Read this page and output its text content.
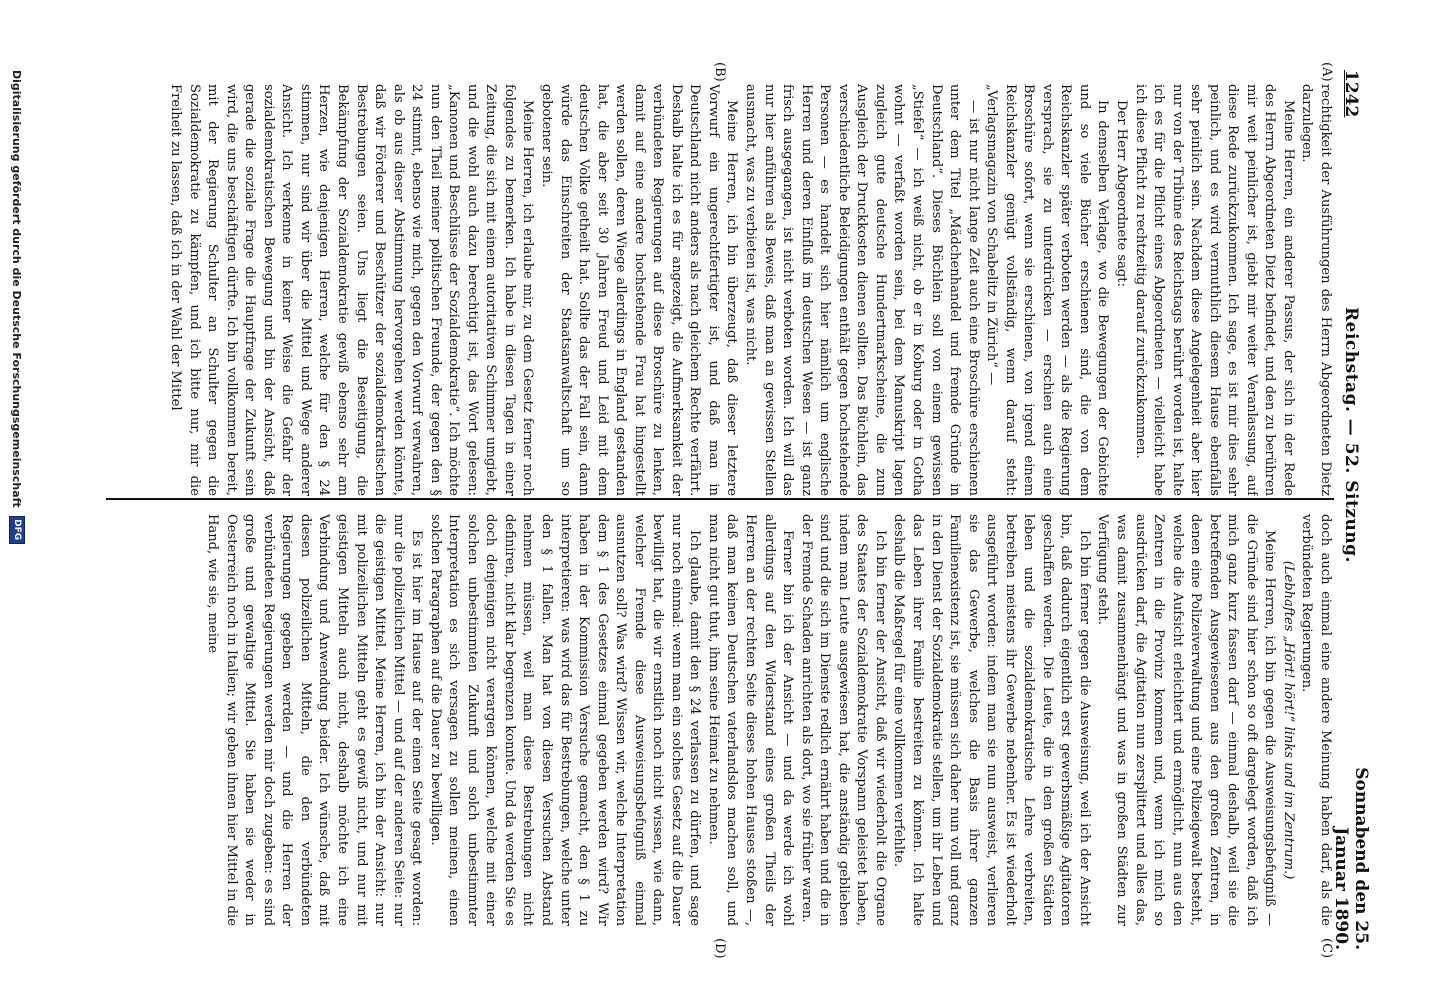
1242
Reichstag. — 52. Sitzung.
Sonnabend den 25. Januar 1890.
(A)
(B)
(C)
(D)

rechtigkeit der Ausführungen des Herrn Abgeordneten Dietz darzulegen.

Meine Herren, ein anderer Passus, der sich in der Rede des Herrn Abgeordneten Dietz befindet, und den zu berühren mir weit peinlicher ist, giebt mir weiter Veranlassung, auf diese Rede zurückzukommen. Ich sage, es ist mir dies sehr peinlich, und es wird vermuthlich diesem Hause ebenfalls sehr peinlich sein. Nachdem diese Angelegenheit aber hier nur von der Tribüne des Reichstags berührt worden ist, halte ich es für die Pflicht eines Abgeordneten — vielleicht habe ich diese Pflicht zu rechtzeitig darauf zurückzukommen.

Der Herr Abgeordnete sagt:

In demselben Verlage, wo die Bewegungen der Gebichte und so viele Bücher erschienen sind, die von dem Reichskanzler später verboten werden — als die Regierung versprach, sie zu unterdrücken — erschien auch eine Broschüre sofort, wenn sie erschienen, von irgend einem Reichskanzler genügt vollständig, wenn darauf steht: „Verlagsmagazin von Schabelitz in Zürich“ —

— ist nur nicht lange Zeit auch eine Broschüre erschienen unter dem Titel „Mädchenhandel und fremde Gründe in Deutschland“. Dieses Büchlein soll von einem gewissen „Stiefel“ — ich weiß nicht, ob er in Koburg oder in Gotha wohnt — verfaßt worden sein, bei dem Manuskript lagen zugleich gute deutsche Hundertmarkscheine, die zum Ausgleich der Druckkosten dienen sollten. Das Büchlein, das verschiedentliche Beleidigungen enthält gegen hochstehende Personen — es handelt sich hier nämlich um englische Herren und deren Einfluß im deutschen Wesen — ist ganz frisch ausgegangen, ist nicht verboten worden. Ich will das nur hier anführen als Beweis, daß man an gewissen Stellen ausmacht, was zu verbieten ist, was nicht.

Meine Herren, ich bin überzeugt, daß dieser letztere Vorwurf ein ungerechtfertigter ist, und daß man in Deutschland nicht anders als nach gleichem Rechte verfährt. Deshalb halte ich es für angezeigt, die Aufmerksamkeit der verbündeten Regierungen auf diese Broschüre zu lenken, damit auf eine andere hochstehende Frau hat hingestellt werden sollen, deren Wiege allerdings in England gestanden hat, die aber seit 30 Jahren Freud und Leid mit dem deutschen Volke getheilt hat. Sollte das der Fall sein, dann würde das Einschreiten der Staatsanwaltschaft um so gebotener sein.

Meine Herren, ich erlaube mir, zu dem Gesetz ferner noch folgendes zu bemerken. Ich habe in diesen Tagen in einer Zeitung, die sich mit einem autoritativen Schimmer umgiebt, und die wohl auch dazu berechtigt ist, das Wort gelesen: „Kanonen und Beschlüsse der Sozialdemokratie“. Ich möchte nun den Theil meiner politischen Freunde, der gegen den § 24 stimmt, ebenso wie mich, gegen den Vorwurf verwahren, als ob aus dieser Abstimmung hervorgehen werden könnte, daß wir Förderer und Beschützer der sozialdemokratischen Bestrebungen seien. Uns liegt die Beseitigung, die Bekämpfung der Sozialdemokratie gewiß ebenso sehr am Herzen, wie denjenigen Herren, welche für den § 24 stimmen, nur sind wir über die Mittel und Wege anderer Ansicht. Ich verkenne in keiner Weise die Gefahr der sozialdemokratischen Bewegung und bin der Ansicht, daß gerade die soziale Frage die Hauptfrage der Zukunft sein wird, die uns beschäftigen dürfte. Ich bin vollkommen bereit, mit der Regierung Schulter an Schulter gegen die Sozialdemokratie zu kämpfen, und ich bitte nur, mir die Freiheit zu lassen, daß ich in der Wahl der Mittel

doch auch einmal eine andere Meinung haben darf, als die verbündeten Regierungen.

(Lebhaftes „Hört! hört!“ links und im Zentrum.)

Meine Herren, ich bin gegen die Ausweisungsbefugniß — die Gründe sind hier schon so oft dargelegt worden, daß ich mich ganz kurz fassen darf — einmal deshalb, weil sie die betreffenden Ausgewiesenen aus den großen Zentren, in denen eine Polizeiverwaltung und eine Polizeigewalt besteht, welche die Aufsicht erleichtert und ermöglicht, nun aus den Zentren in die Provinz kommen und, wenn ich mich so ausdrücken darf, die Agitation nun zersplittert und alles das, was damit zusammenhängt und was in großen Städten zur Verfügung steht.

Ich bin ferner gegen die Ausweisung, weil ich der Ansicht bin, daß dadurch eigentlich erst gewerbsmäßige Agitatoren geschaffen werden. Die Leute, die in den großen Städten leben und die sozialdemokratische Lehre verbreiten, betreiben meistens ihr Gewerbe nebenher. Es ist wiederholt ausgeführt worden: indem man sie nun ausweist, verlieren sie das Gewerbe, welches die Basis ihrer ganzen Familienexistenz ist, sie müssen sich daher nun voll und ganz in den Dienst der Sozialdemokratie stellen, um ihr Leben und das Leben ihrer Familie bestreiten zu können. Ich halte deshalb die Maßregel für eine vollkommen verfehlte.

Ich bin ferner der Ansicht, daß wir wiederholt die Organe des Staates der Sozialdemokratie Vorspann geleistet haben, indem man Leute ausgewiesen hat, die anständig geblieben sind und die sich im Dienste redlich ernährt haben und die in der Fremde Schaden anrichten als dort, wo sie früher waren.

Ferner bin ich der Ansicht — und da werde ich wohl allerdings auf den Widerstand eines großen Theils der Herren an der rechten Seite dieses hohen Hauses stoßen —, daß man keinen Deutschen vaterlandslos machen soll, und man nicht gut thut, ihm seine Heimat zu nehmen.

Ich glaube, damit den § 24 verlassen zu dürfen, und sage nur noch einmal: wenn man ein solches Gesetz auf die Dauer bewilligt hat, die wir ernstlich noch nicht wissen, wie dann, welcher Fremde diese Ausweisungsbefugniß einmal ausnutzen soll? Was wird? Wissen wir, welche Interpretation dem § 1 des Gesetzes einmal gegeben werden wird? Wir haben in der Kommission Versuche gemacht, den § 1 zu interpretieren: was wird das für Bestrebungen, welche unter den § 1 fallen. Man hat von diesen Versuchen Abstand nehmen müssen, weil man diese Bestrebungen nicht definiren, nicht klar begrenzen konnte. Und da werden Sie es doch denjenigen nicht verargen können, welche mit einer solchen unbestimmten Zukunft und solch unbestimmter Interpretation es sich versagen zu sollen meinen, einen solchen Paragraphen auf die Dauer zu bewilligen.

Es ist hier im Hause auf der einen Seite gesagt worden: nur die polizeilichen Mittel — und auf der anderen Seite: nur die geistigen Mittel. Meine Herren, ich bin der Ansicht: nur mit polizeilichen Mitteln geht es gewiß nicht, und nur mit geistigen Mitteln auch nicht, deshalb möchte ich eine Verbindung und Anwendung beider. Ich wünsche, daß mit diesen polizeilichen Mitteln, die den verbündeten Regierungen gegeben werden — und die Herren der verbündeten Regierungen werden mir doch zugeben: es sind große und gewaltige Mittel. Sie haben sie weder in Oesterreich noch in Italien; wir geben ihnen hier Mittel in die Hand, wie sie, meine

Digitalisierung gefördert durch die Deutsche Forschungsgemeinschaft
DFG
